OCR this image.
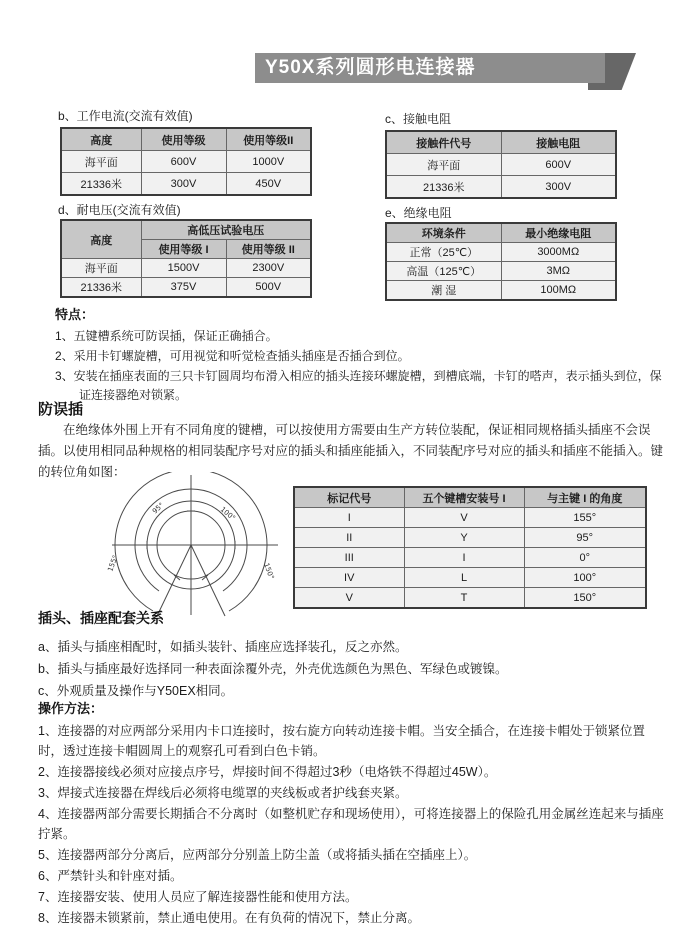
Y50X系列圆形电连接器
b、工作电流(交流有效值)
高度	使用等级	使用等级II
海平面	600V	1000V
21336米	300V	450V
c、接触电阻
接触件代号	接触电阻
海平面	600V
21336米	300V
d、耐电压(交流有效值)
高度	高低压试验电压	
	使用等级 I	使用等级 II
海平面	1500V	2300V
21336米	375V	500V
e、绝缘电阻
环境条件	最小绝缘电阻
正常（25℃）	3000MΩ
高温（125℃）	3MΩ
潮 湿	100MΩ
特点：
1、五键槽系统可防误插，保证正确插合。
2、采用卡钉螺旋槽，可用视觉和听觉检查插头插座是否插合到位。
3、安装在插座表面的三只卡钉圆周均布滑入相应的插头连接环螺旋槽，到槽底端，卡钉的嗒声，表示插头到位，保证连接器绝对锁紧。
防误插
在绝缘体外围上开有不同角度的键槽，可以按使用方需要由生产方转位装配，保证相同规格插头插座不会误插。以使用相同品种规格的相同装配序号对应的插头和插座能插入，不同装配序号对应的插头和插座不能插入。键的转位角如图：
95°
155°
100°
150°
标记代号	五个键槽安装号 I	与主键 I 的角度
I	V	155°
II	Y	95°
III	I	0°
IV	L	100°
V	T	150°
插头、插座配套关系
a、插头与插座相配时，如插头装针、插座应选择装孔，反之亦然。
b、插头与插座最好选择同一种表面涂覆外壳，外壳优选颜色为黑色、军绿色或镀镍。
c、外观质量及操作与Y50EX相同。
操作方法：
1、连接器的对应两部分采用内卡口连接时，按右旋方向转动连接卡帽。当安全插合，在连接卡帽处于锁紧位置时，透过连接卡帽圆周上的观察孔可看到白色卡销。
2、连接器接线必须对应接点序号，焊接时间不得超过3秒（电烙铁不得超过45W）。
3、焊接式连接器在焊线后必须将电缆罩的夹线板或者护线套夹紧。
4、连接器两部分需要长期插合不分离时（如整机贮存和现场使用），可将连接器上的保险孔用金属丝连起来与插座拧紧。
5、连接器两部分分离后，应两部分分别盖上防尘盖（或将插头插在空插座上）。
6、严禁针头和针座对插。
7、连接器安装、使用人员应了解连接器性能和使用方法。
8、连接器未锁紧前，禁止通电使用。在有负荷的情况下，禁止分离。
